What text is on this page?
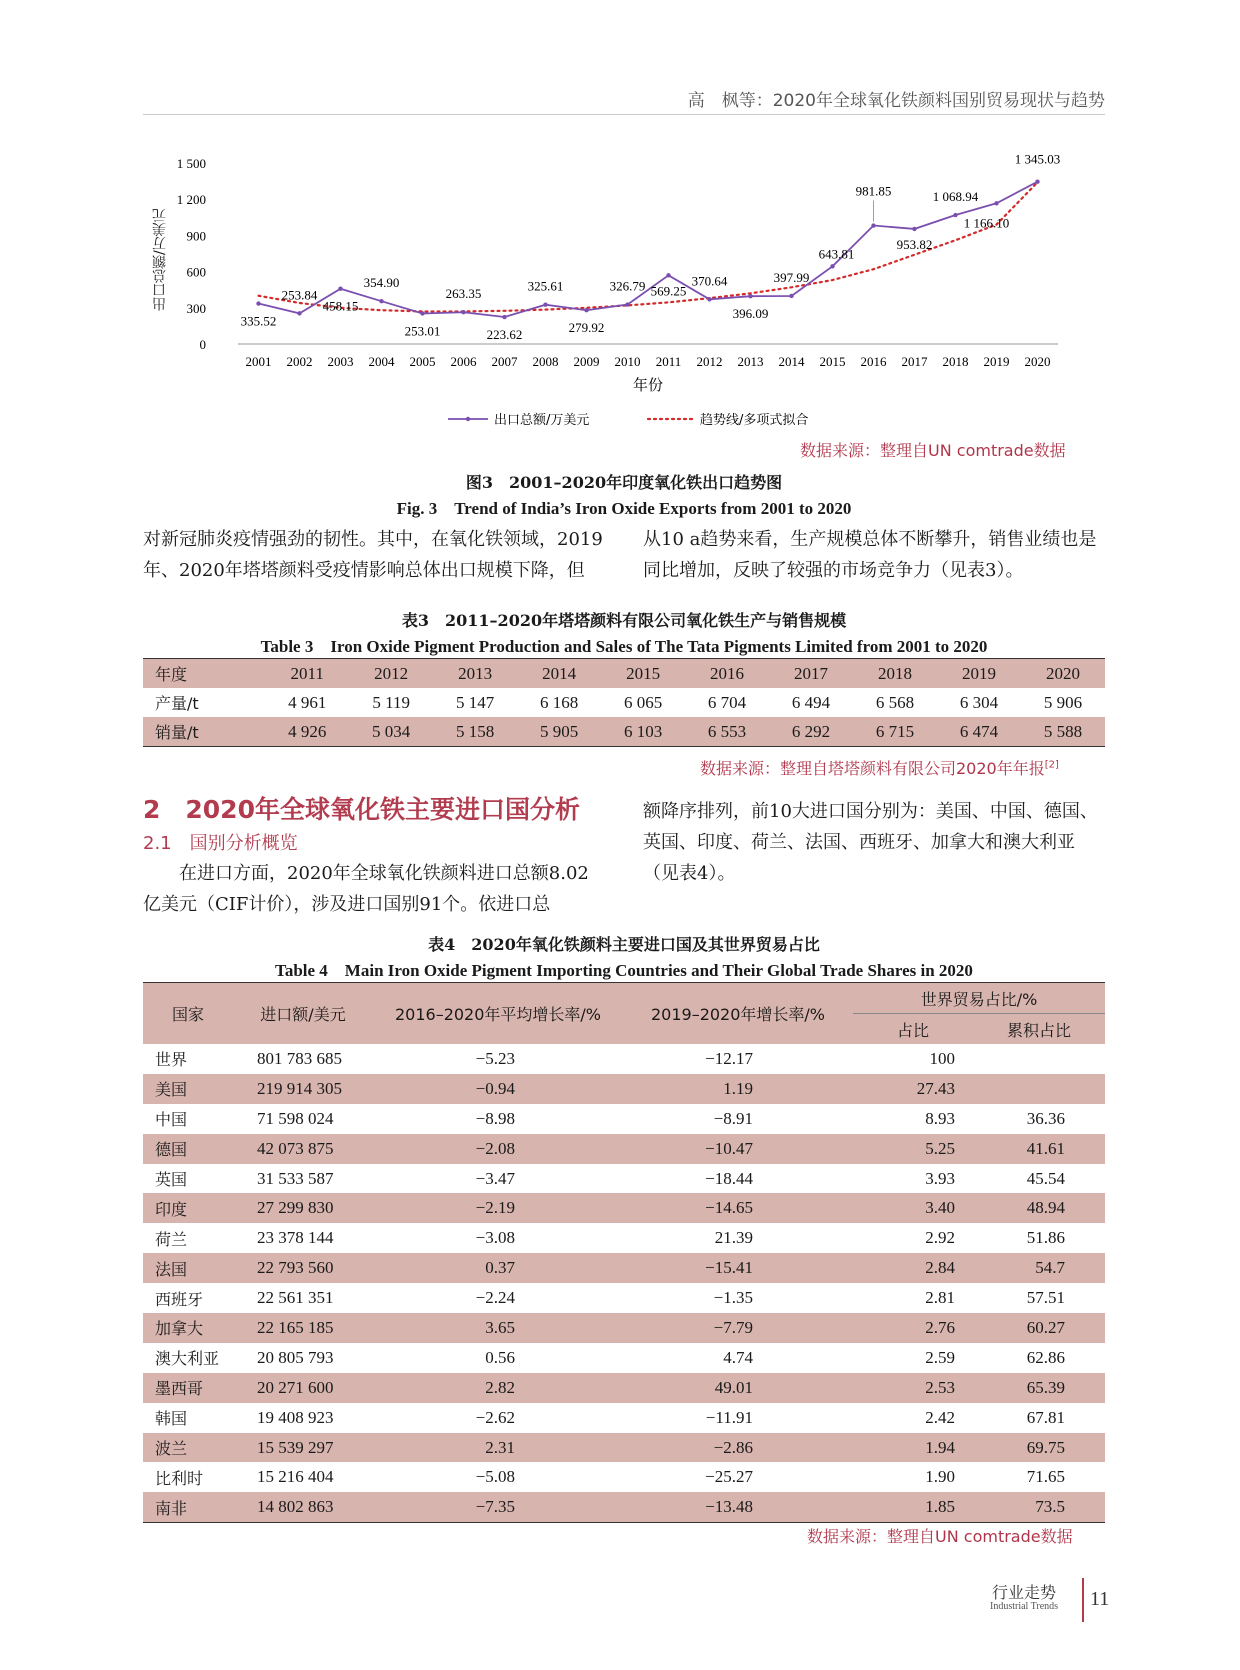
高　枫等：2020年全球氧化铁颜料国别贸易现状与趋势
0
300
600
900
1 200
1 500
2001 2002 2003 2004 2005 2006 2007 2008 2009 2010 2011 2012 2013 2014 2015 2016 2017 2018 2019 2020
年份
335.52
253.84
458.15
354.90
253.01
263.35
223.62
325.61
279.92
326.79 569.25
370.64
396.09
397.99
643.81
981.85
953.82
1 068.94
1 166.10
1 345.03
出口总额/万美元	趋势线/多项式拟合
出口总额/万美元
数据来源：整理自UN comtrade数据
图3　2001–2020年印度氧化铁出口趋势图
Fig. 3　Trend of India’s Iron Oxide Exports from 2001 to 2020

对新冠肺炎疫情强劲的韧性。其中，在氧化铁领域，2019年、2020年塔塔颜料受疫情影响总体出口规模下降，但

从10 a趋势来看，生产规模总体不断攀升，销售业绩也是同比增加，反映了较强的市场竞争力（见表3）。

表3　2011–2020年塔塔颜料有限公司氧化铁生产与销售规模
Table 3　Iron Oxide Pigment Production and Sales of The Tata Pigments Limited from 2001 to 2020
年度	2011	2012	2013	2014	2015	2016	2017	2018	2019	2020
产量/t	4 961	5 119	5 147	6 168	6 065	6 704	6 494	6 568	6 304	5 906
销量/t	4 926	5 034	5 158	5 905	6 103	6 553	6 292	6 715	6 474	5 588
数据来源：整理自塔塔颜料有限公司2020年年报[2]
2　2020年全球氧化铁主要进口国分析
2.1　国别分析概览

在进口方面，2020年全球氧化铁颜料进口总额8.02亿美元（CIF计价），涉及进口国别91个。依进口总

额降序排列，前10大进口国分别为：美国、中国、德国、英国、印度、荷兰、法国、西班牙、加拿大和澳大利亚（见表4）。

表4　2020年氧化铁颜料主要进口国及其世界贸易占比
Table 4　Main Iron Oxide Pigment Importing Countries and Their Global Trade Shares in 2020
国家	进口额/美元	2016–2020年平均增长率/%	2019–2020年增长率/%	世界贸易占比/%	
				占比	累积占比
世界	801 783 685	−5.23	−12.17	100	
美国	219 914 305	−0.94	1.19	27.43	
中国	71 598 024	−8.98	−8.91	8.93	36.36
德国	42 073 875	−2.08	−10.47	5.25	41.61
英国	31 533 587	−3.47	−18.44	3.93	45.54
印度	27 299 830	−2.19	−14.65	3.40	48.94
荷兰	23 378 144	−3.08	21.39	2.92	51.86
法国	22 793 560	0.37	−15.41	2.84	54.7
西班牙	22 561 351	−2.24	−1.35	2.81	57.51
加拿大	22 165 185	3.65	−7.79	2.76	60.27
澳大利亚	20 805 793	0.56	4.74	2.59	62.86
墨西哥	20 271 600	2.82	49.01	2.53	65.39
韩国	19 408 923	−2.62	−11.91	2.42	67.81
波兰	15 539 297	2.31	−2.86	1.94	69.75
比利时	15 216 404	−5.08	−25.27	1.90	71.65
南非	14 802 863	−7.35	−13.48	1.85	73.5
数据来源：整理自UN comtrade数据
行业走势
Industrial Trends 11
